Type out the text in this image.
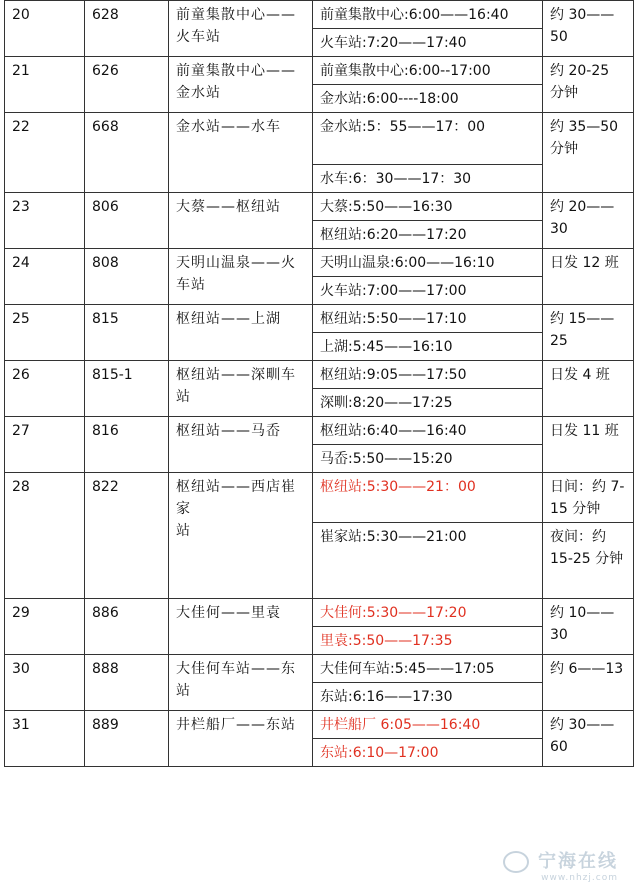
20	628	前童集散中心——火车站	前童集散中心:6:00——16:40	约 30——50
			火车站:7:20——17:40	
21	626	前童集散中心——金水站	前童集散中心:6:00--17:00	约 20-25 分钟
			金水站:6:00----18:00	
22	668	金水站——水车	金水站:5：55——17：00	约 35—50 分钟
			水车:6：30——17：30	
23	806	大蔡——枢纽站	大蔡:5:50——16:30	约 20——30
			枢纽站:6:20——17:20	
24	808	天明山温泉——火车站	天明山温泉:6:00——16:10	日发 12 班
			火车站:7:00——17:00	
25	815	枢纽站——上湖	枢纽站:5:50——17:10	约 15——25
			上湖:5:45——16:10	
26	815-1	枢纽站——深甽车站	枢纽站:9:05——17:50	日发 4 班
			深甽:8:20——17:25	
27	816	枢纽站——马岙	枢纽站:6:40——16:40	日发 11 班
			马岙:5:50——15:20	
28	822	枢纽站——西店崔家
站	枢纽站:5:30——21：00	日间：约 7-15 分钟
			崔家站:5:30——21:00	夜间：约 15-25 分钟
29	886	大佳何——里袁	大佳何:5:30——17:20	约 10——30
			里袁:5:50——17:35	
30	888	大佳何车站——东站	大佳何车站:5:45——17:05	约 6——13
			东站:6:16——17:30	
31	889	井栏船厂——东站	井栏船厂 6:05——16:40	约 30——60
			东站:6:10—17:00	
宁海在线
www.nhzj.com
